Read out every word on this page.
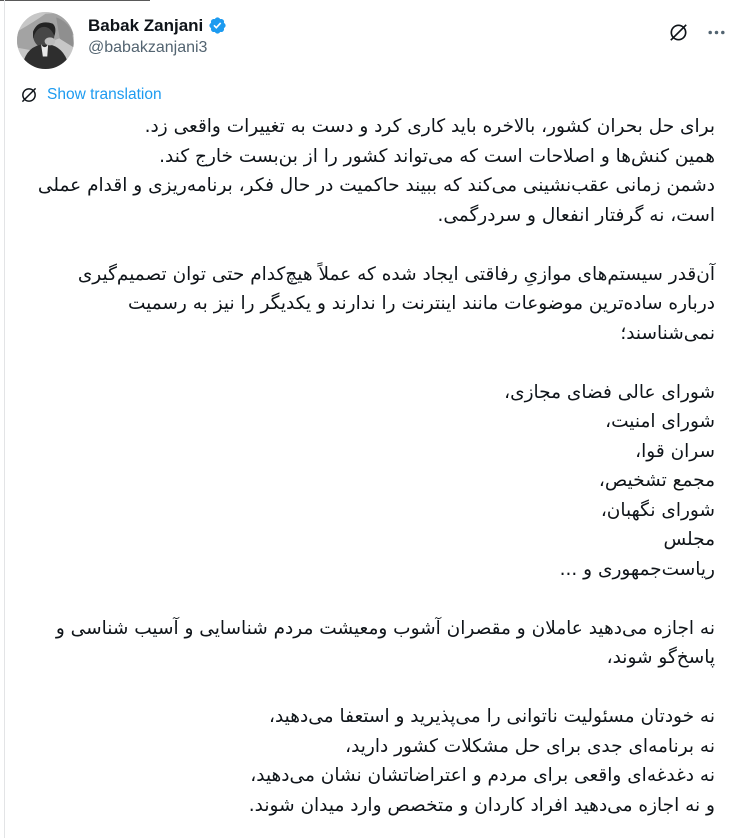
Babak Zanjani
@babakzanjani3
Show translation
برای حل بحران کشور، بالاخره باید کاری کرد و دست به تغییرات واقعی زد.
همین کنش‌ها و اصلاحات است که می‌تواند کشور را از بن‌بست خارج کند.
دشمن زمانی عقب‌نشینی می‌کند که ببیند حاکمیت در حال فکر، برنامه‌ریزی و اقدام عملی است، نه گرفتار انفعال و سردرگمی.

آن‌قدر سیستم‌های موازیِ رفاقتی ایجاد شده که عملاً هیچ‌کدام حتی توان تصمیم‌گیری درباره ساده‌ترین موضوعات مانند اینترنت را ندارند و یکدیگر را نیز به رسمیت نمی‌شناسند؛

شورای عالی فضای مجازی،
شورای امنیت،
سران قوا،
مجمع تشخیص،
شورای نگهبان،
مجلس
ریاست‌جمهوری و ...

نه اجازه می‌دهید عاملان و مقصران آشوب ومعیشت مردم شناسایی و آسیب شناسی و پاسخ‌گو شوند،

نه خودتان مسئولیت ناتوانی را می‌پذیرید و استعفا می‌دهید،
نه برنامه‌ای جدی برای حل مشکلات کشور دارید،
نه دغدغه‌ای واقعی برای مردم و اعتراضاتشان نشان می‌دهید،
و نه اجازه می‌دهید افراد کاردان و متخصص وارد میدان شوند.
